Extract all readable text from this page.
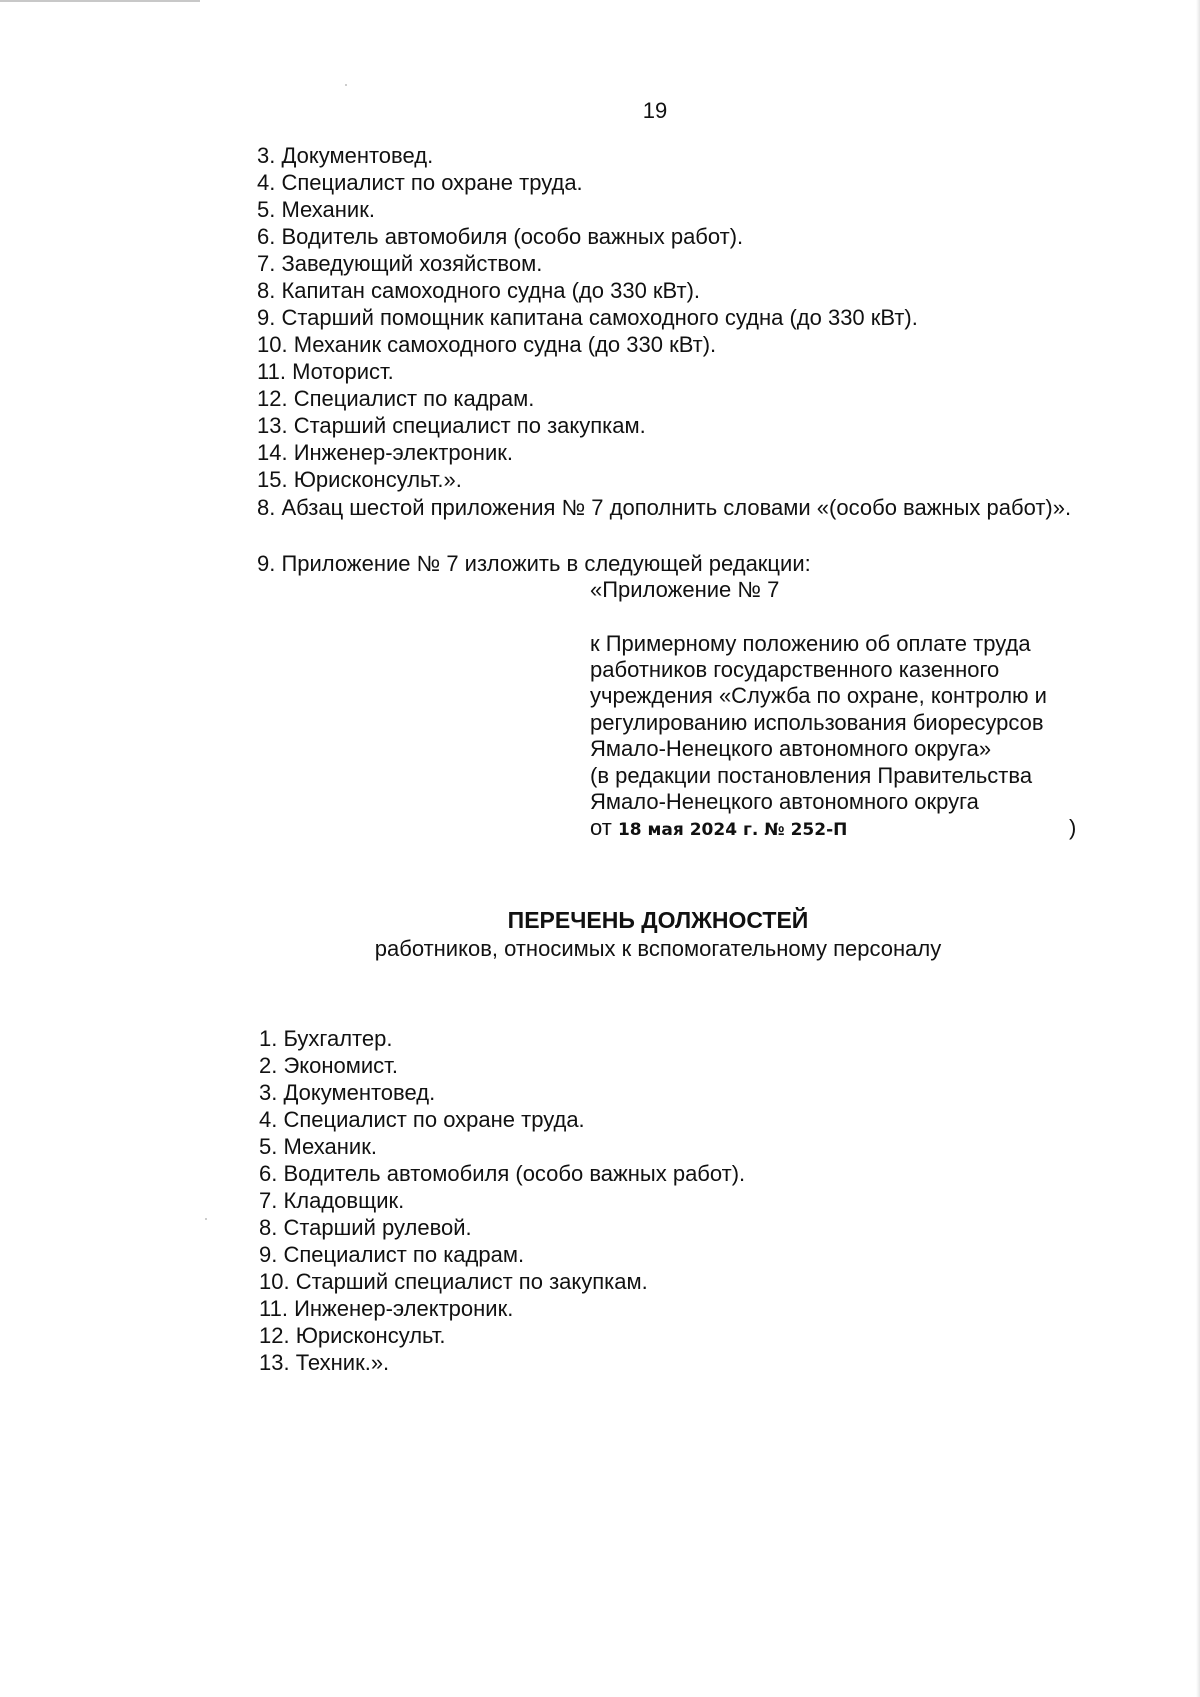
19
3. Документовед.
4. Специалист по охране труда.
5. Механик.
6. Водитель автомобиля (особо важных работ).
7. Заведующий хозяйством.
8. Капитан самоходного судна (до 330 кВт).
9. Старший помощник капитана самоходного судна (до 330 кВт).
10. Механик самоходного судна (до 330 кВт).
11. Моторист.
12. Специалист по кадрам.
13. Старший специалист по закупкам.
14. Инженер-электроник.
15. Юрисконсульт.».
8. Абзац шестой приложения № 7 дополнить словами «(особо важных работ)».
9. Приложение № 7 изложить в следующей редакции:
«Приложение № 7
к Примерному положению об оплате труда
работников государственного казенного
учреждения «Служба по охране, контролю и
регулированию использования биоресурсов
Ямало-Ненецкого автономного округа»
(в редакции постановления Правительства
Ямало-Ненецкого автономного округа
от 18 мая 2024 г. № 252-П	)
ПЕРЕЧЕНЬ ДОЛЖНОСТЕЙ
работников, относимых к вспомогательному персоналу
1. Бухгалтер.
2. Экономист.
3. Документовед.
4. Специалист по охране труда.
5. Механик.
6. Водитель автомобиля (особо важных работ).
7. Кладовщик.
8. Старший рулевой.
9. Специалист по кадрам.
10. Старший специалист по закупкам.
11. Инженер-электроник.
12. Юрисконсульт.
13. Техник.».
